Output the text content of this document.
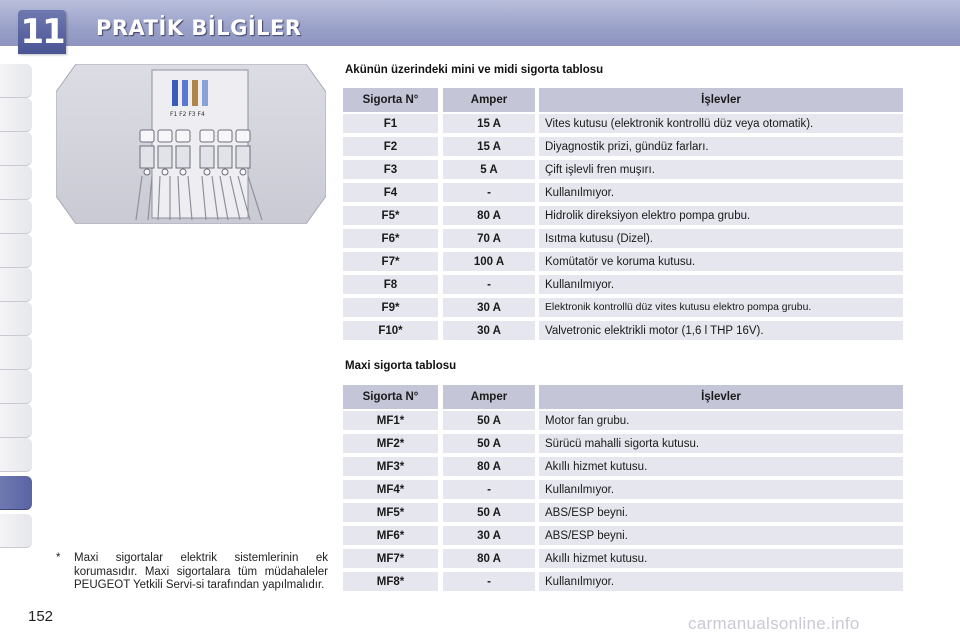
11 PRATİK BİLGİLER
F1 F2 F3 F4
Akünün üzerindeki mini ve midi sigorta tablosu
Sigorta N°	Amper	İşlevler
F1	15 A	Vites kutusu (elektronik kontrollü düz veya otomatik).
F2	15 A	Diyagnostik prizi, gündüz farları.
F3	5 A	Çift işlevli fren muşırı.
F4	-	Kullanılmıyor.
F5*	80 A	Hidrolik direksiyon elektro pompa grubu.
F6*	70 A	Isıtma kutusu (Dizel).
F7*	100 A	Komütatör ve koruma kutusu.
F8	-	Kullanılmıyor.
F9*	30 A	Elektronik kontrollü düz vites kutusu elektro pompa grubu.
F10*	30 A	Valvetronic elektrikli motor (1,6 l THP 16V).
Maxi sigorta tablosu
Sigorta N°	Amper	İşlevler
MF1*	50 A	Motor fan grubu.
MF2*	50 A	Sürücü mahalli sigorta kutusu.
MF3*	80 A	Akıllı hizmet kutusu.
MF4*	-	Kullanılmıyor.
MF5*	50 A	ABS/ESP beyni.
MF6*	30 A	ABS/ESP beyni.
MF7*	80 A	Akıllı hizmet kutusu.
MF8*	-	Kullanılmıyor.
* Maxi sigortalar elektrik sistemlerinin ek korumasıdır. Maxi sigortalara tüm müdahaleler PEUGEOT Yetkili Servi-si tarafından yapılmalıdır.
152	carmanualsonline.info
